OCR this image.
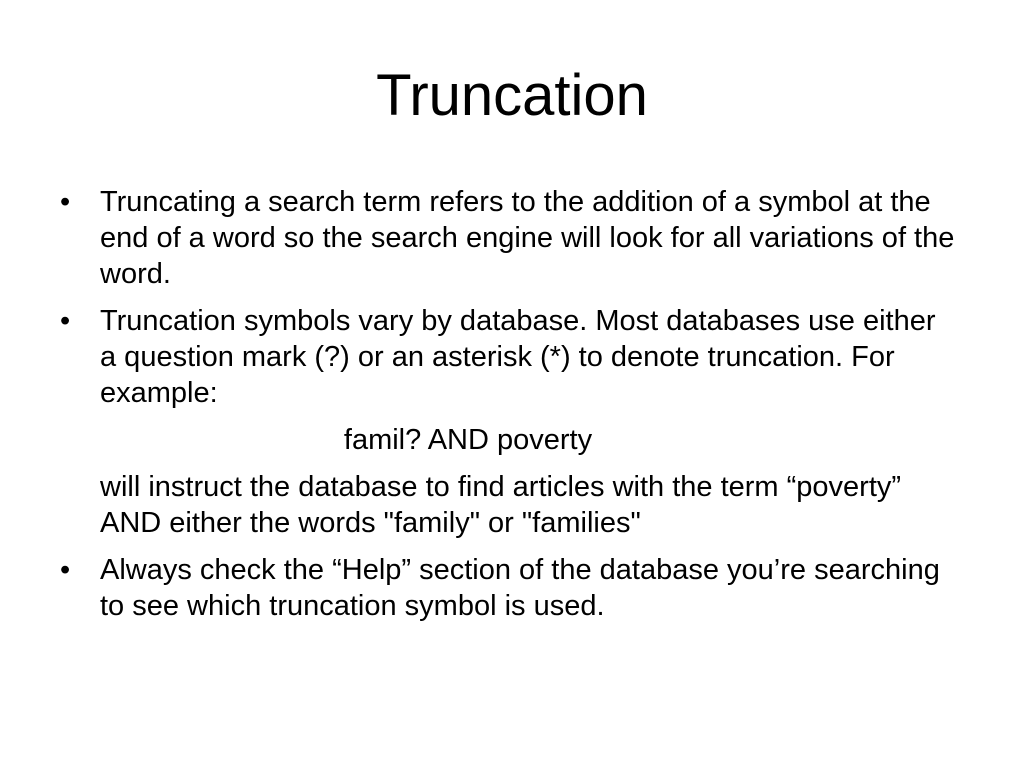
Truncation
•	Truncating a search term refers to the addition of a symbol at the end of a word so the search engine will look for all variations of the word.
•	Truncation symbols vary by database. Most databases use either a question mark (?) or an asterisk (*) to denote truncation. For example:
famil? AND poverty
will instruct the database to find articles with the term “poverty” AND either the words "family" or "families"
•	Always check the “Help” section of the database you’re searching to see which truncation symbol is used.
